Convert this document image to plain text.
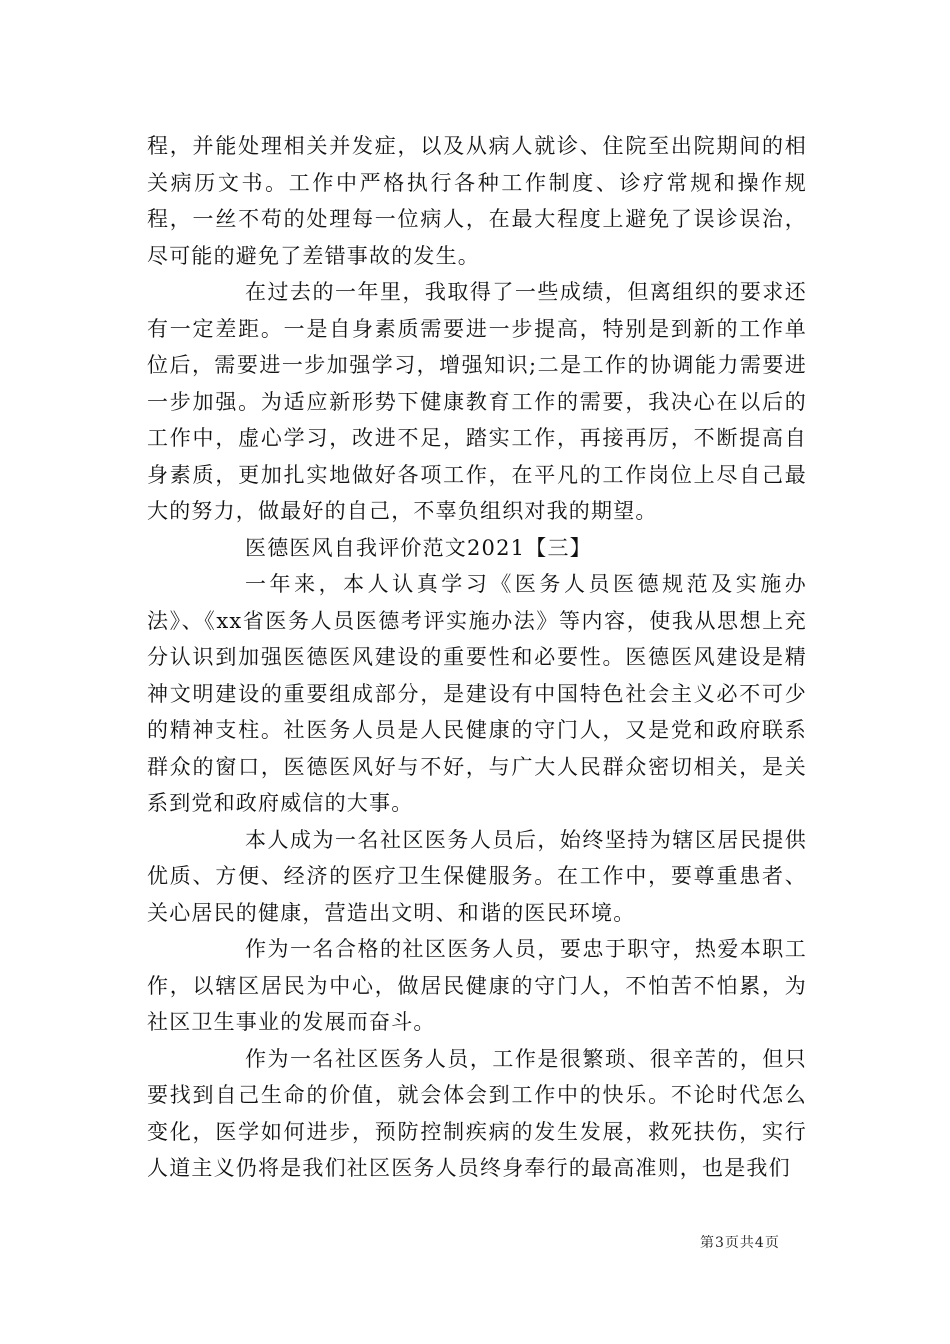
程，并能处理相关并发症，以及从病人就诊、住院至出院期间的相关病历文书。工作中严格执行各种工作制度、诊疗常规和操作规程，一丝不苟的处理每一位病人，在最大程度上避免了误诊误治，尽可能的避免了差错事故的发生。

在过去的一年里，我取得了一些成绩，但离组织的要求还有一定差距。一是自身素质需要进一步提高，特别是到新的工作单位后，需要进一步加强学习，增强知识;二是工作的协调能力需要进一步加强。为适应新形势下健康教育工作的需要，我决心在以后的工作中，虚心学习，改进不足，踏实工作，再接再厉，不断提高自身素质，更加扎实地做好各项工作，在平凡的工作岗位上尽自己最大的努力，做最好的自己，不辜负组织对我的期望。

医德医风自我评价范文2021【三】

一年来，本人认真学习《医务人员医德规范及实施办法》、《xx省医务人员医德考评实施办法》等内容，使我从思想上充分认识到加强医德医风建设的重要性和必要性。医德医风建设是精神文明建设的重要组成部分，是建设有中国特色社会主义必不可少的精神支柱。社医务人员是人民健康的守门人，又是党和政府联系群众的窗口，医德医风好与不好，与广大人民群众密切相关，是关系到党和政府威信的大事。

本人成为一名社区医务人员后，始终坚持为辖区居民提供优质、方便、经济的医疗卫生保健服务。在工作中，要尊重患者、关心居民的健康，营造出文明、和谐的医民环境。

作为一名合格的社区医务人员，要忠于职守，热爱本职工作，以辖区居民为中心，做居民健康的守门人，不怕苦不怕累，为社区卫生事业的发展而奋斗。

作为一名社区医务人员，工作是很繁琐、很辛苦的，但只要找到自己生命的价值，就会体会到工作中的快乐。不论时代怎么变化，医学如何进步，预防控制疾病的发生发展，救死扶伤，实行人道主义仍将是我们社区医务人员终身奉行的最高准则，也是我们

第3页共4页
